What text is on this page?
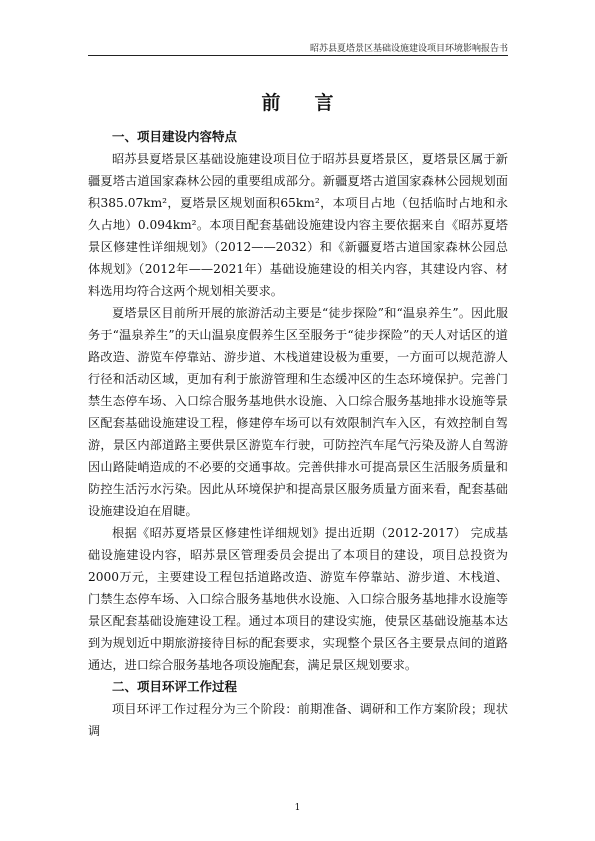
昭苏县夏塔景区基础设施建设项目环境影响报告书
前 言

一、项目建设内容特点

昭苏县夏塔景区基础设施建设项目位于昭苏县夏塔景区，夏塔景区属于新疆夏塔古道国家森林公园的重要组成部分。新疆夏塔古道国家森林公园规划面积385.07km²，夏塔景区规划面积65km²，本项目占地（包括临时占地和永久占地）0.094km²。本项目配套基础设施建设内容主要依据来自《昭苏夏塔景区修建性详细规划》（2012——2032）和《新疆夏塔古道国家森林公园总体规划》（2012年——2021年）基础设施建设的相关内容，其建设内容、材料选用均符合这两个规划相关要求。

夏塔景区目前所开展的旅游活动主要是“徒步探险”和“温泉养生”。因此服务于“温泉养生”的天山温泉度假养生区至服务于“徒步探险”的天人对话区的道路改造、游览车停靠站、游步道、木栈道建设极为重要，一方面可以规范游人行径和活动区域，更加有利于旅游管理和生态缓冲区的生态环境保护。完善门禁生态停车场、入口综合服务基地供水设施、入口综合服务基地排水设施等景区配套基础设施建设工程，修建停车场可以有效限制汽车入区，有效控制自驾游，景区内部道路主要供景区游览车行驶，可防控汽车尾气污染及游人自驾游因山路陡峭造成的不必要的交通事故。完善供排水可提高景区生活服务质量和防控生活污水污染。因此从环境保护和提高景区服务质量方面来看，配套基础设施建设迫在眉睫。

根据《昭苏夏塔景区修建性详细规划》提出近期（2012-2017） 完成基础设施建设内容，昭苏景区管理委员会提出了本项目的建设，项目总投资为2000万元，主要建设工程包括道路改造、游览车停靠站、游步道、木栈道、门禁生态停车场、入口综合服务基地供水设施、入口综合服务基地排水设施等景区配套基础设施建设工程。通过本项目的建设实施，使景区基础设施基本达到为规划近中期旅游接待目标的配套要求，实现整个景区各主要景点间的道路通达，进口综合服务基地各项设施配套，满足景区规划要求。

二、项目环评工作过程

项目环评工作过程分为三个阶段：前期准备、调研和工作方案阶段；现状调

1
